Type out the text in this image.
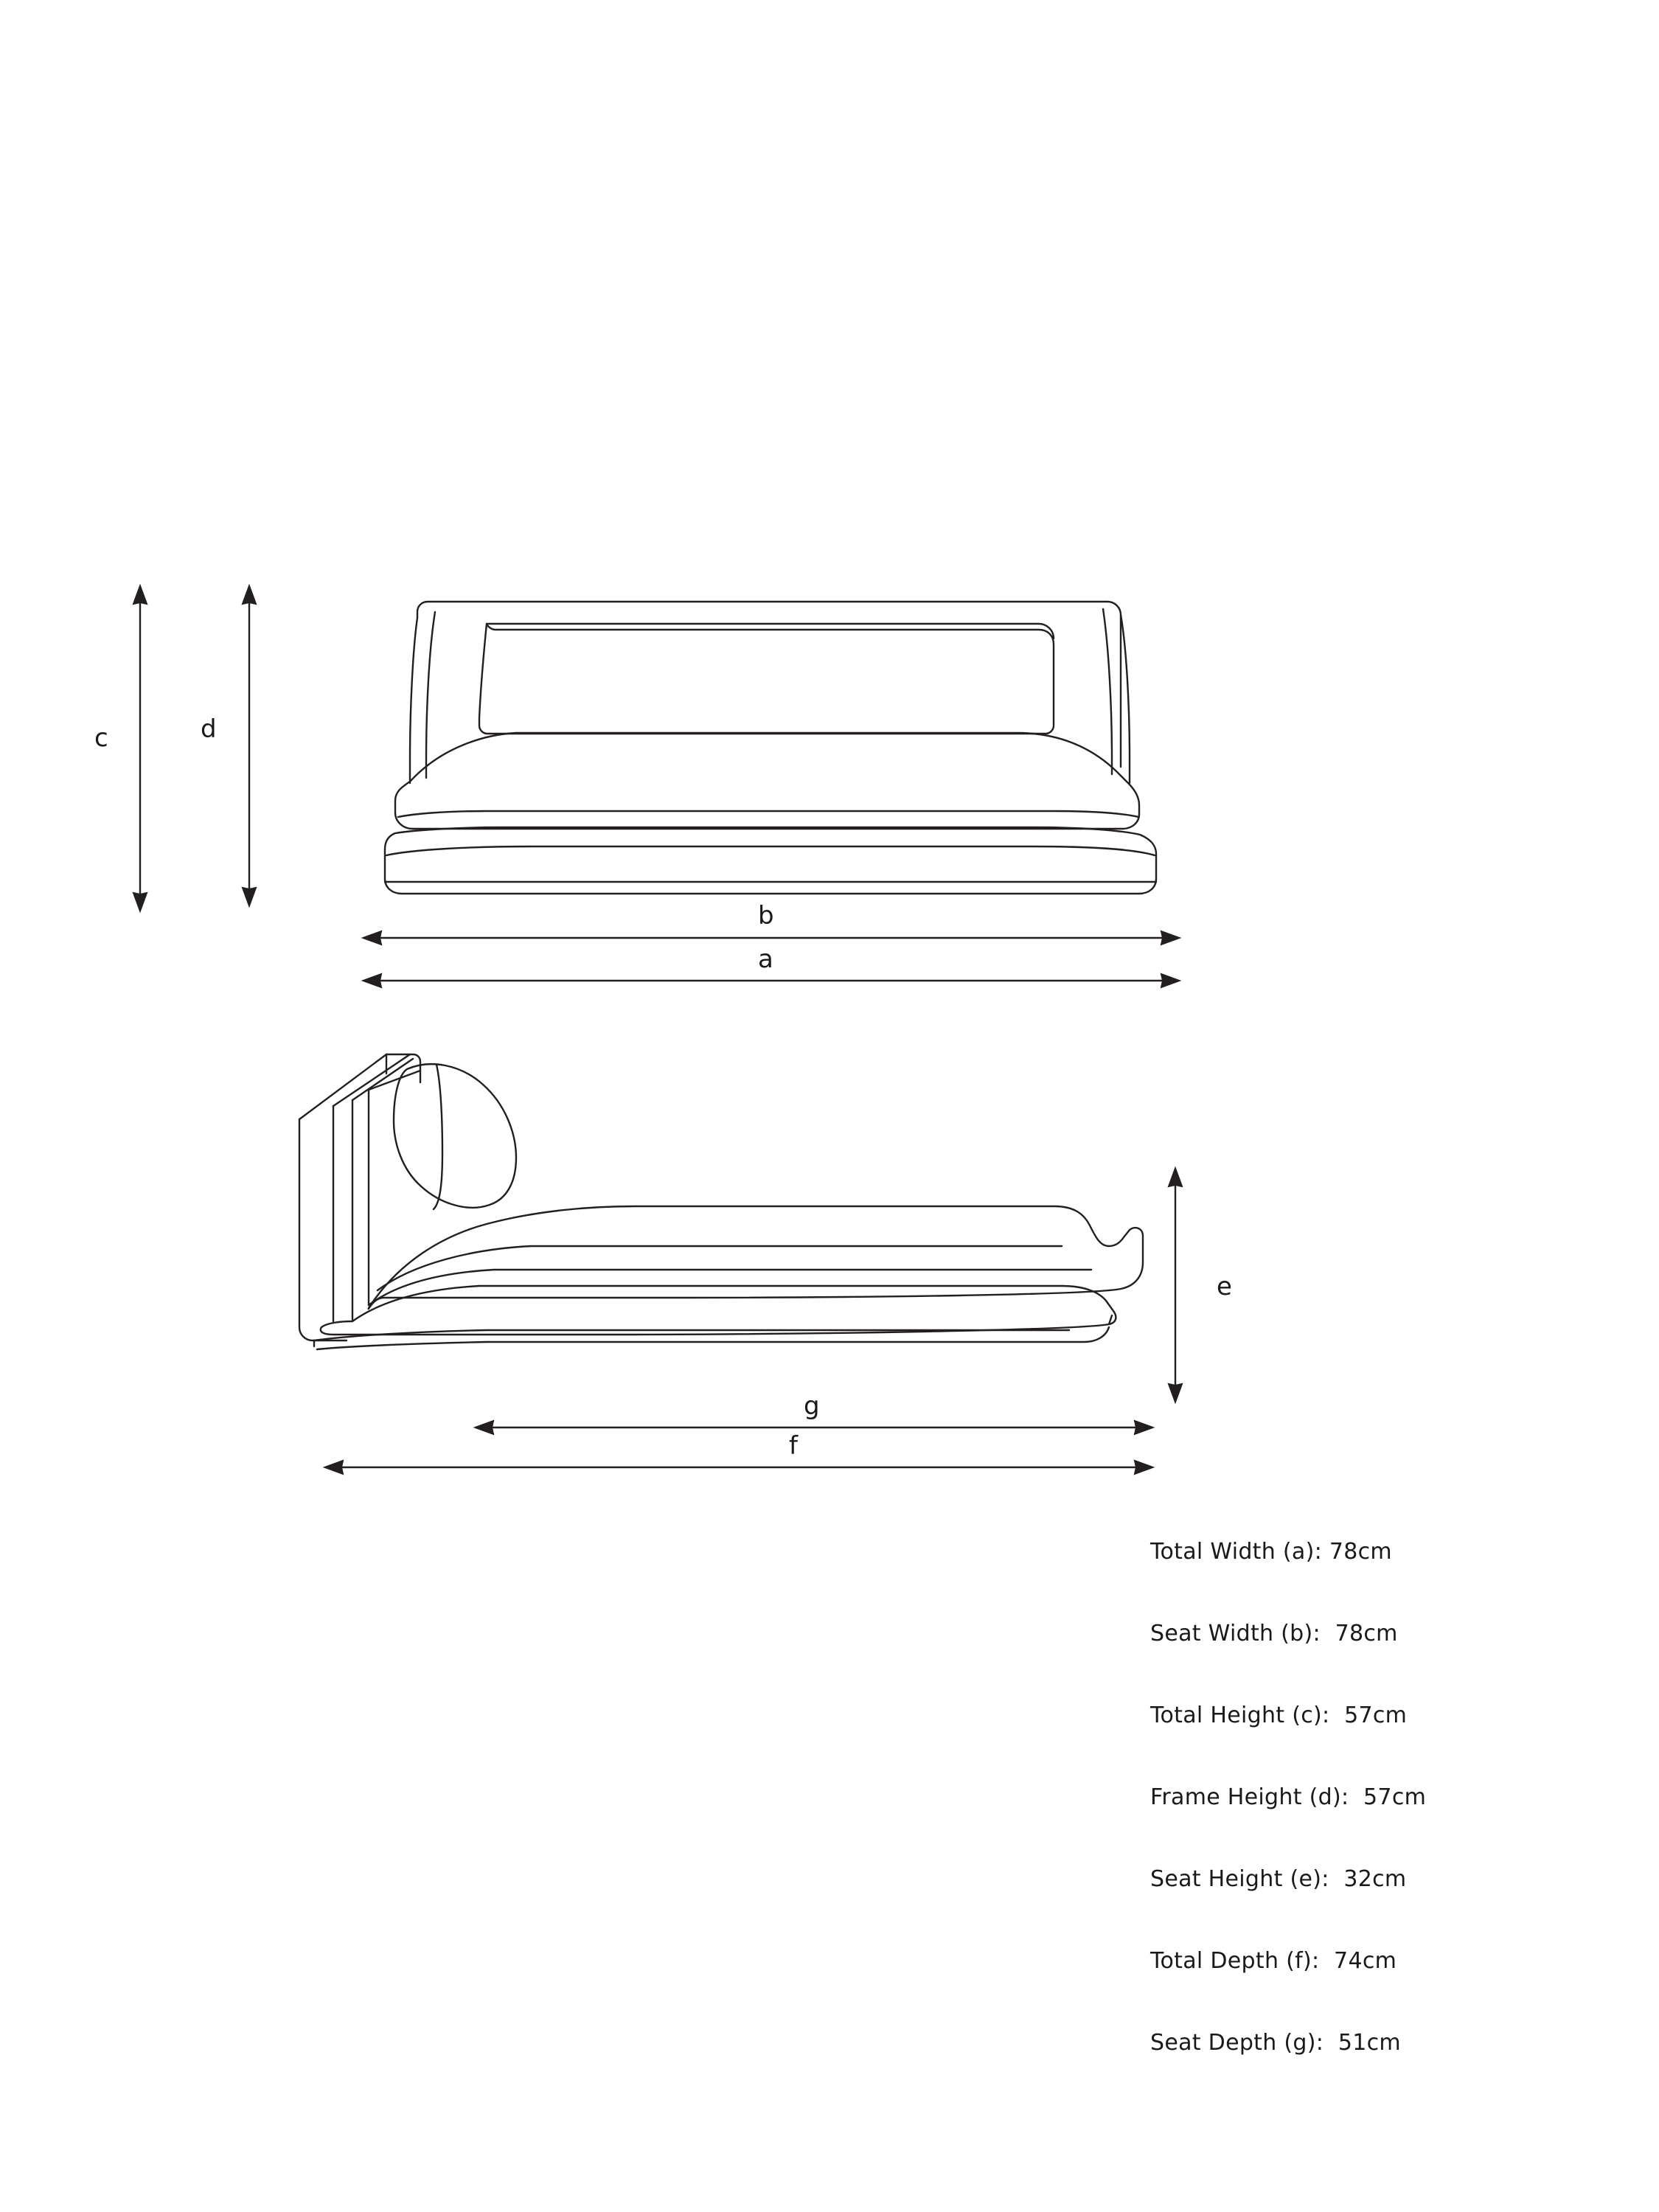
c	d
b
a
e
g
f

Total Width (a): 78cm

Seat Width (b):  78cm

Total Height (c):  57cm

Frame Height (d):  57cm

Seat Height (e):  32cm

Total Depth (f):  74cm

Seat Depth (g):  51cm
